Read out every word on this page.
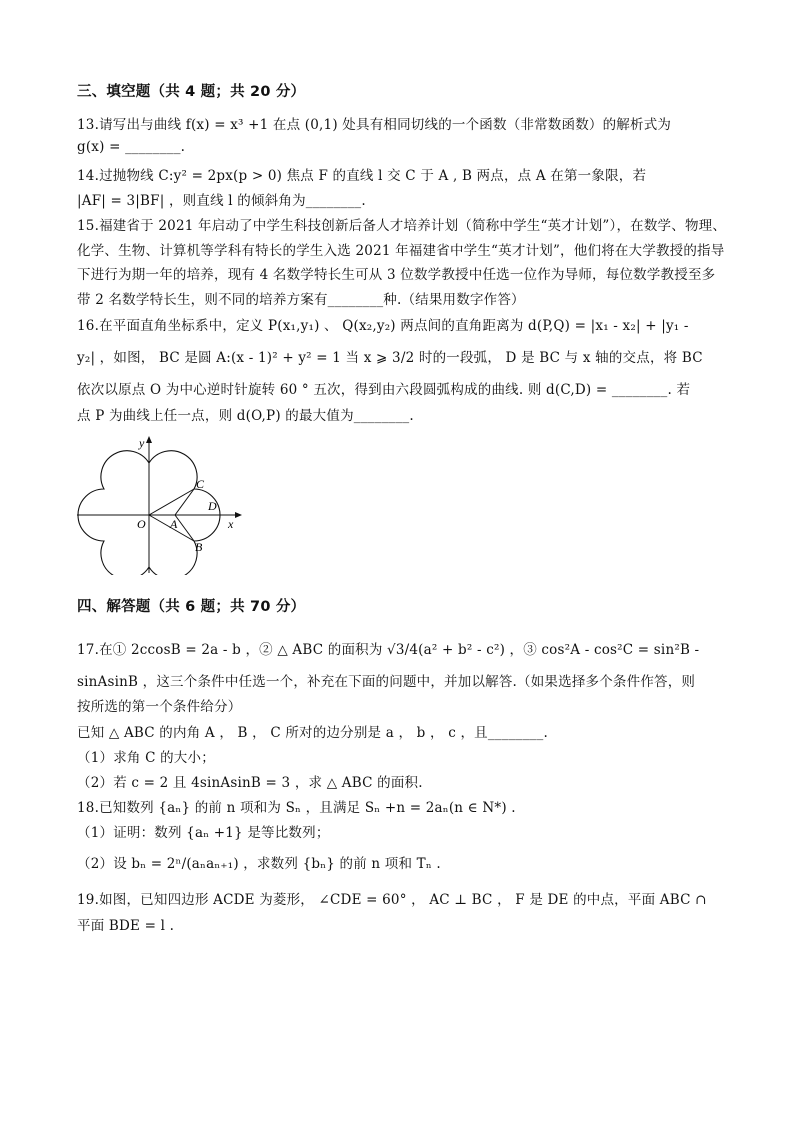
三、填空题（共 4 题；共 20 分）
13.请写出与曲线 f(x) = x³ +1 在点 (0,1) 处具有相同切线的一个函数（非常数函数）的解析式为
g(x) = ________.
14.过抛物线 C:y² = 2px(p > 0) 焦点 F 的直线 l 交 C 于 A , B 两点，点 A 在第一象限，若
|AF| = 3|BF| ，则直线 l 的倾斜角为________.
15.福建省于 2021 年启动了中学生科技创新后备人才培养计划（简称中学生“英才计划”），在数学、物理、
化学、生物、计算机等学科有特长的学生入选 2021 年福建省中学生“英才计划”，他们将在大学教授的指导
下进行为期一年的培养，现有 4 名数学特长生可从 3 位数学教授中任选一位作为导师，每位数学教授至多
带 2 名数学特长生，则不同的培养方案有________种.（结果用数字作答）
16.在平面直角坐标系中，定义 P(x₁,y₁) 、 Q(x₂,y₂) 两点间的直角距离为 d(P,Q) = |x₁ - x₂| + |y₁ -
y₂| ，如图， BC 是圆 A:(x - 1)² + y² = 1 当 x ⩾ 3/2 时的一段弧， D 是 BC 与 x 轴的交点，将 BC
依次以原点 O 为中心逆时针旋转 60 ° 五次，得到由六段圆弧构成的曲线. 则 d(C,D) = ________. 若
点 P 为曲线上任一点，则 d(O,P) 的最大值为________.
y
x
O A
B
C
D
四、解答题（共 6 题；共 70 分）
17.在① 2ccosB = 2a - b ，② △ ABC 的面积为 √3/4(a² + b² - c²) ，③ cos²A - cos²C = sin²B -
sinAsinB ，这三个条件中任选一个，补充在下面的问题中，并加以解答.（如果选择多个条件作答，则
按所选的第一个条件给分）
已知 △ ABC 的内角 A ， B ， C 所对的边分别是 a ， b ， c ，且________.
（1）求角 C 的大小；
（2）若 c = 2 且 4sinAsinB = 3 ，求 △ ABC 的面积.
18.已知数列 {aₙ} 的前 n 项和为 Sₙ ，且满足 Sₙ +n = 2aₙ(n ∈ N*) .
（1）证明：数列 {aₙ +1} 是等比数列；
（2）设 bₙ = 2ⁿ/(aₙaₙ₊₁) ，求数列 {bₙ} 的前 n 项和 Tₙ .
19.如图，已知四边形 ACDE 为菱形， ∠CDE = 60° ， AC ⊥ BC ， F 是 DE 的中点，平面 ABC ∩
平面 BDE = l .
